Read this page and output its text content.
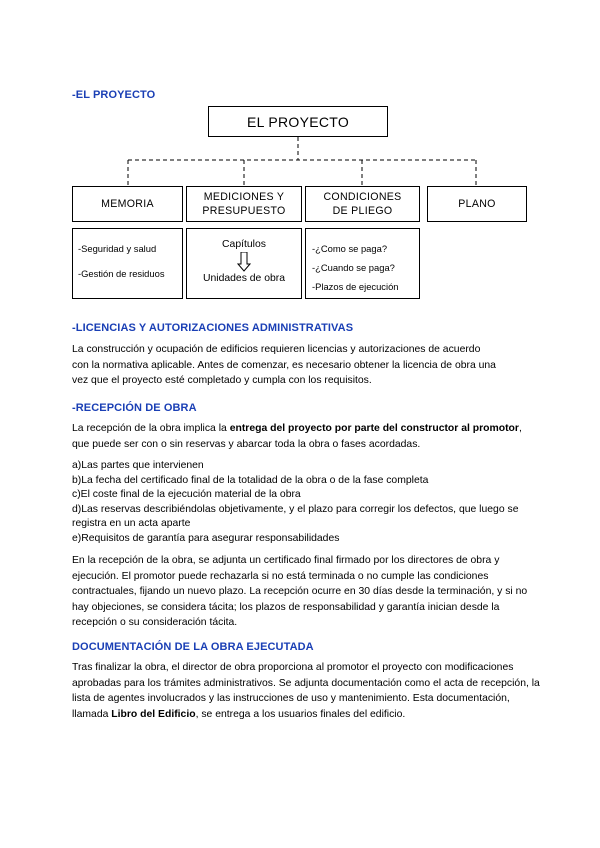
-EL PROYECTO
EL PROYECTO
MEMORIA
MEDICIONES Y
PRESUPUESTO
CONDICIONES
DE PLIEGO
PLANO
-Seguridad y salud
-Gestión de residuos
Capítulos
Unidades de obra
-¿Como se paga?
-¿Cuando se paga?
-Plazos de ejecución
-LICENCIAS Y AUTORIZACIONES ADMINISTRATIVAS
La construcción y ocupación de edificios requieren licencias y autorizaciones de acuerdo
con la normativa aplicable. Antes de comenzar, es necesario obtener la licencia de obra una
vez que el proyecto esté completado y cumpla con los requisitos.
-RECEPCIÓN DE OBRA
La recepción de la obra implica la entrega del proyecto por parte del constructor al promotor, que puede ser con o sin reservas y abarcar toda la obra o fases acordadas.
a)Las partes que intervienen
b)La fecha del certificado final de la totalidad de la obra o de la fase completa
c)El coste final de la ejecución material de la obra
d)Las reservas describiéndolas objetivamente, y el plazo para corregir los defectos, que luego se registra en un acta aparte
e)Requisitos de garantía para asegurar responsabilidades
En la recepción de la obra, se adjunta un certificado final firmado por los directores de obra y ejecución. El promotor puede rechazarla si no está terminada o no cumple las condiciones contractuales, fijando un nuevo plazo. La recepción ocurre en 30 días desde la terminación, y si no hay objeciones, se considera tácita; los plazos de responsabilidad y garantía inician desde la recepción o su consideración tácita.
DOCUMENTACIÓN DE LA OBRA EJECUTADA
Tras finalizar la obra, el director de obra proporciona al promotor el proyecto con modificaciones aprobadas para los trámites administrativos. Se adjunta documentación como el acta de recepción, la lista de agentes involucrados y las instrucciones de uso y mantenimiento. Esta documentación, llamada Libro del Edificio, se entrega a los usuarios finales del edificio.
